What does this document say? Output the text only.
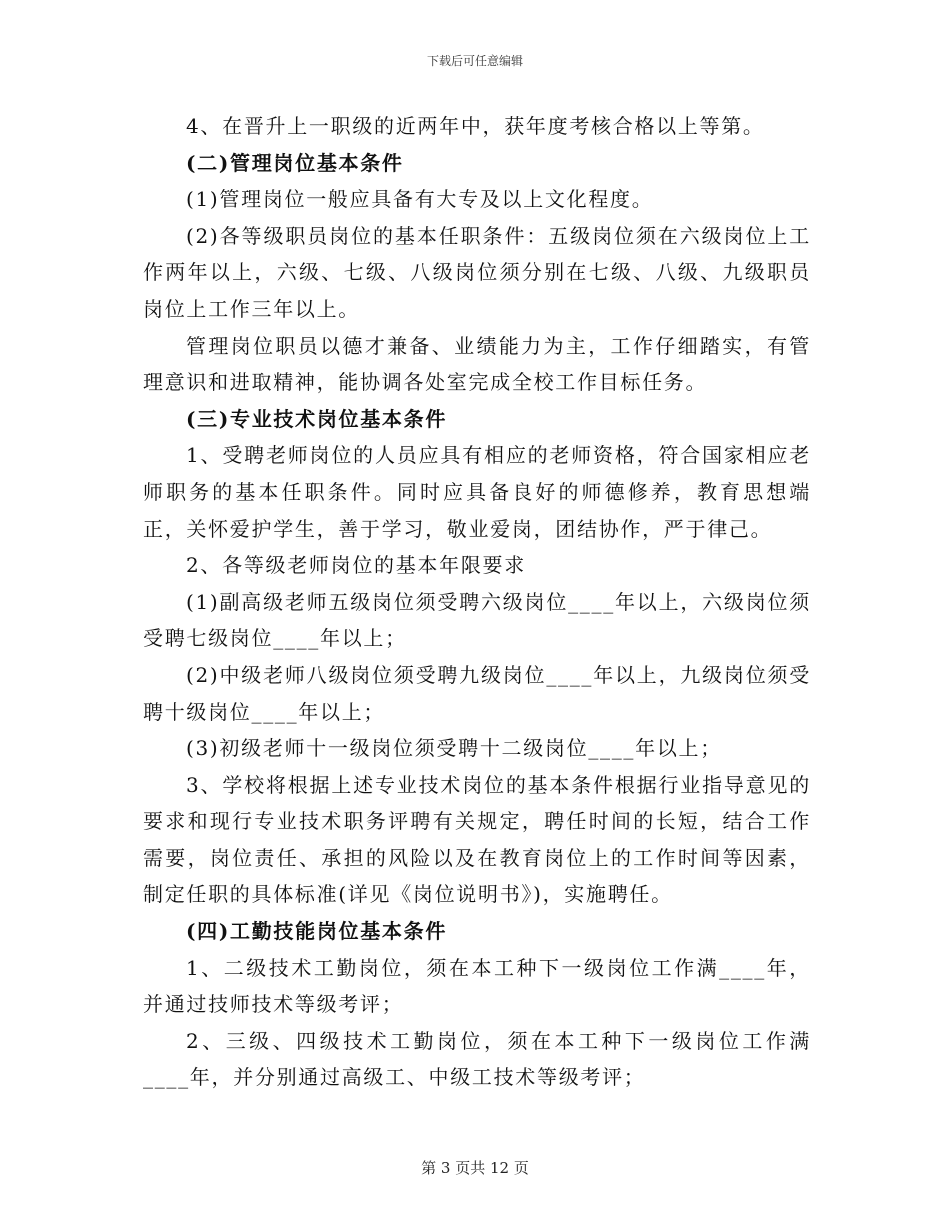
下载后可任意编辑

4、在晋升上一职级的近两年中，获年度考核合格以上等第。

(二)管理岗位基本条件

(1)管理岗位一般应具备有大专及以上文化程度。

(2)各等级职员岗位的基本任职条件：五级岗位须在六级岗位上工作两年以上，六级、七级、八级岗位须分别在七级、八级、九级职员岗位上工作三年以上。

管理岗位职员以德才兼备、业绩能力为主，工作仔细踏实，有管理意识和进取精神，能协调各处室完成全校工作目标任务。

(三)专业技术岗位基本条件

1、受聘老师岗位的人员应具有相应的老师资格，符合国家相应老师职务的基本任职条件。同时应具备良好的师德修养，教育思想端正，关怀爱护学生，善于学习，敬业爱岗，团结协作，严于律己。

2、各等级老师岗位的基本年限要求

(1)副高级老师五级岗位须受聘六级岗位____年以上，六级岗位须受聘七级岗位____年以上；

(2)中级老师八级岗位须受聘九级岗位____年以上，九级岗位须受聘十级岗位____年以上；

(3)初级老师十一级岗位须受聘十二级岗位____年以上；

3、学校将根据上述专业技术岗位的基本条件根据行业指导意见的要求和现行专业技术职务评聘有关规定，聘任时间的长短，结合工作需要，岗位责任、承担的风险以及在教育岗位上的工作时间等因素，制定任职的具体标准(详见《岗位说明书》)，实施聘任。

(四)工勤技能岗位基本条件

1、二级技术工勤岗位，须在本工种下一级岗位工作满____年，并通过技师技术等级考评；

2、三级、四级技术工勤岗位，须在本工种下一级岗位工作满____年，并分别通过高级工、中级工技术等级考评；

第 3 页共 12 页
